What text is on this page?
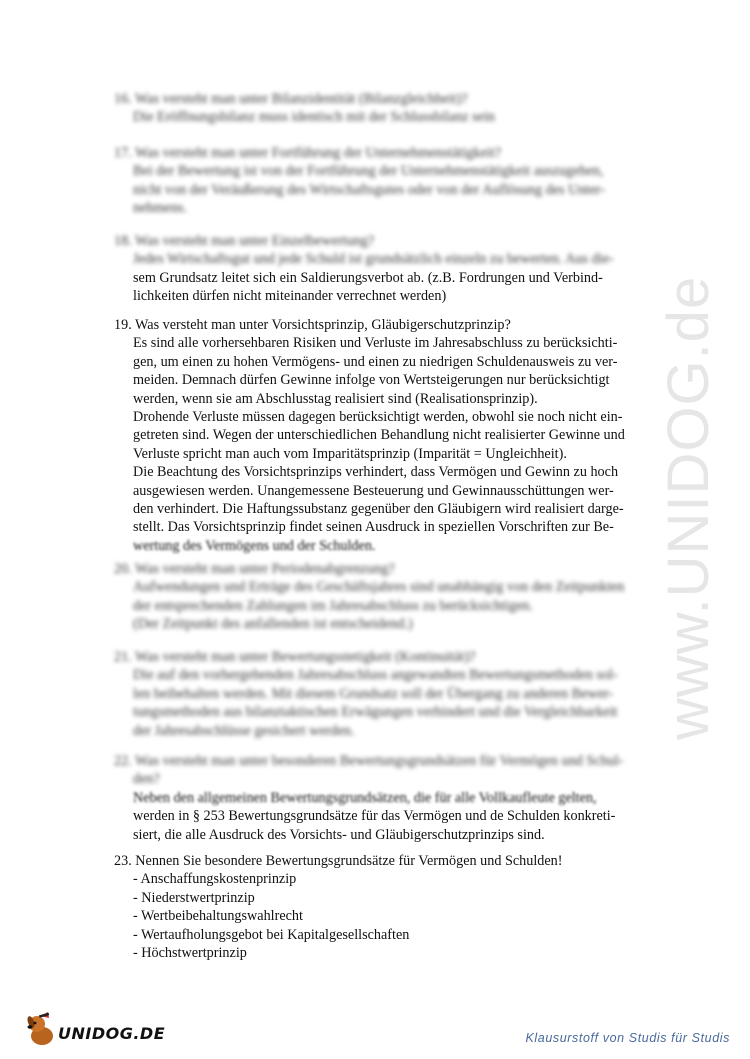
www.UNIDOG.de
16. Was versteht man unter Bilanzidentität (Bilanzgleichheit)?
Die Eröffnungsbilanz muss identisch mit der Schlussbilanz sein
17. Was versteht man unter Fortführung der Unternehmenstätigkeit?
Bei der Bewertung ist von der Fortführung der Unternehmenstätigkeit auszugehen,
nicht von der Veräußerung des Wirtschaftsgutes oder von der Auflösung des Unter-
nehmens.
18. Was versteht man unter Einzelbewertung?
Jedes Wirtschaftsgut und jede Schuld ist grundsätzlich einzeln zu bewerten. Aus die-
sem Grundsatz leitet sich ein Saldierungsverbot ab. (z.B. Fordrungen und Verbind-
lichkeiten dürfen nicht miteinander verrechnet werden)
19. Was versteht man unter Vorsichtsprinzip, Gläubigerschutzprinzip?
Es sind alle vorhersehbaren Risiken und Verluste im Jahresabschluss zu berücksichti-
gen, um einen zu hohen Vermögens- und einen zu niedrigen Schuldenausweis zu ver-
meiden. Demnach dürfen Gewinne infolge von Wertsteigerungen nur berücksichtigt
werden, wenn sie am Abschlusstag realisiert sind (Realisationsprinzip).
Drohende Verluste müssen dagegen berücksichtigt werden, obwohl sie noch nicht ein-
getreten sind. Wegen der unterschiedlichen Behandlung nicht realisierter Gewinne und
Verluste spricht man auch vom Imparitätsprinzip (Imparität = Ungleichheit).
Die Beachtung des Vorsichtsprinzips verhindert, dass Vermögen und Gewinn zu hoch
ausgewiesen werden. Unangemessene Besteuerung und Gewinnausschüttungen wer-
den verhindert. Die Haftungssubstanz gegenüber den Gläubigern wird realisiert darge-
stellt. Das Vorsichtsprinzip findet seinen Ausdruck in speziellen Vorschriften zur Be-
wertung des Vermögens und der Schulden.
20. Was versteht man unter Periodenabgrenzung?
Aufwendungen und Erträge des Geschäftsjahres sind unabhängig von den Zeitpunkten
der entsprechenden Zahlungen im Jahresabschluss zu berücksichtigen.
(Der Zeitpunkt des anfallenden ist entscheidend.)
21. Was versteht man unter Bewertungsstetigkeit (Kontinuität)?
Die auf den vorhergehenden Jahresabschluss angewandten Bewertungsmethoden sol-
len beibehalten werden. Mit diesem Grundsatz soll der Übergang zu anderen Bewer-
tungsmethoden aus bilanztaktischen Erwägungen verhindert und die Vergleichbarkeit
der Jahresabschlüsse gesichert werden.
22. Was versteht man unter besonderen Bewertungsgrundsätzen für Vermögen und Schul-
den?
Neben den allgemeinen Bewertungsgrundsätzen, die für alle Vollkaufleute gelten,
werden in § 253 Bewertungsgrundsätze für das Vermögen und de Schulden konkreti-
siert, die alle Ausdruck des Vorsichts- und Gläubigerschutzprinzips sind.
23. Nennen Sie besondere Bewertungsgrundsätze für Vermögen und Schulden!
- Anschaffungskostenprinzip
- Niederstwertprinzip
- Wertbeibehaltungswahlrecht
- Wertaufholungsgebot bei Kapitalgesellschaften
- Höchstwertprinzip
UNIDOG.DE	Klausurstoff von Studis für Studis
